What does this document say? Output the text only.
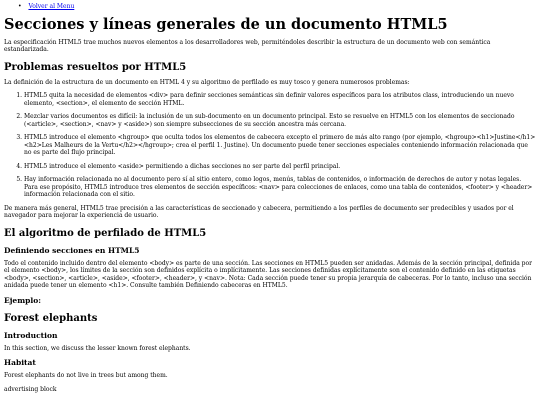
• Volver al Menu
Secciones y líneas generales de un documento HTML5

La especificación HTML5 trae muchos nuevos elementos a los desarrolladores web, permiténdoles describir la estructura de un documento web con semántica estandarizada.

Problemas resueltos por HTML5

La definición de la estructura de un documento en HTML 4 y su algoritmo de perfilado es muy tosco y genera numerosos problemas:

1. HTML5 quita la necesidad de elementos <div> para definir secciones semánticas sin definir valores específicos para los atributos class, introduciendo un nuevo elemento, <section>, el elemento de sección HTML.
2. Mezclar varios documentos es difícil: la inclusión de un sub-documento en un documento principal. Esto se resuelve en HTML5 con los elementos de seccionado (<article>, <section>, <nav> y <aside>) son siempre subsecciones de su sección ancestra más cercana.
3. HTML5 introduce el elemento <hgroup> que oculta todos los elementos de cabecera excepto el primero de más alto rango (por ejemplo, <hgroup><h1>Justine</h1><h2>Les Malheurs de la Vertu</h2></hgroup>; crea el perfil 1. Justine). Un documento puede tener secciones especiales conteniendo información relacionada que no es parte del flujo principal.
4. HTML5 introduce el elemento <aside> permitiendo a dichas secciones no ser parte del perfil principal.
5. Hay información relacionada no al documento pero sí al sitio entero, como logos, menús, tablas de contenidos, o información de derechos de autor y notas legales. Para ese propósito, HTML5 introduce tres elementos de sección específicos: <nav> para colecciones de enlaces, como una tabla de contenidos, <footer> y <header> información relacionada con el sitio.

De manera más general, HTML5 trae precisión a las características de seccionado y cabecera, permitiendo a los perfiles de documento ser predecibles y usados por el navegador para mejorar la experiencia de usuario.

El algoritmo de perfilado de HTML5
Definiendo secciones en HTML5

Todo el contenido incluido dentro del elemento <body> es parte de una sección. Las secciones en HTML5 pueden ser anidadas. Además de la sección principal, definida por el elemento <body>, los límites de la sección son definidos explícita o implícitamente. Las secciones definidas explícitamente son el contenido definido en las etiquetas <body>, <section>, <article>, <aside>, <footer>, <header>, y <nav>. Nota: Cada sección puede tener su propia jerarquía de cabeceras. Por lo tanto, incluso una sección anidada puede tener un elemento <h1>. Consulte también Definiendo cabeceras en HTML5.

Ejemplo:
Forest elephants
Introduction

In this section, we discuss the lesser known forest elephants.

Habitat

Forest elephants do not live in trees but among them.

advertising block
